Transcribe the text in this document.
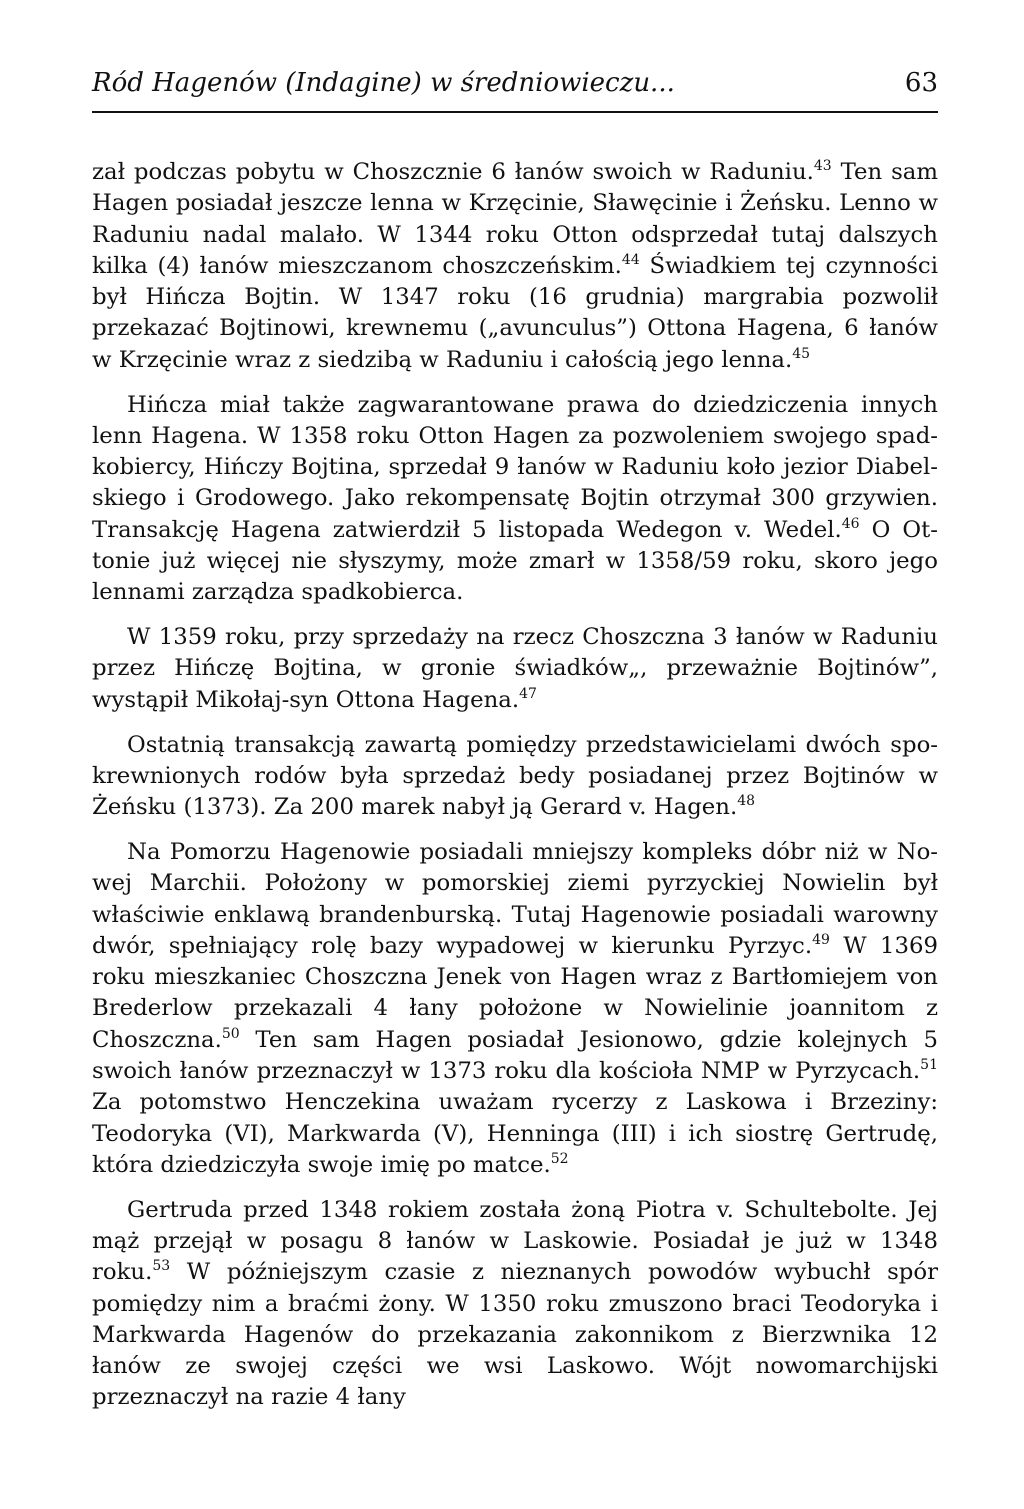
Ród Hagenów (Indagine) w średniowieczu...	63

zał podczas pobytu w Choszcznie 6 łanów swoich w Raduniu.$^{43}$ Ten sam Hagen posiadał jeszcze lenna w Krzęcinie, Sławęcinie i Żeńsku. Lenno w Raduniu nadal malało. W 1344 roku Otton odsprzedał tutaj dalszych kilka (4) łanów mieszczanom choszczeńskim.$^{44}$ Świadkiem tej czynności był Hińcza Bojtin. W 1347 roku (16 grudnia) margrabia pozwolił przekazać Bojtinowi, krewnemu („avunculus”) Ottona Hagena, 6 łanów w Krzęcinie wraz z siedzibą w Raduniu i całością jego lenna.$^{45}$

Hińcza miał także zagwarantowane prawa do dziedziczenia innych lenn Hagena. W 1358 roku Otton Hagen za pozwoleniem swojego spadkobiercy, Hińczy Bojtina, sprzedał 9 łanów w Raduniu koło jezior Diabelskiego i Grodowego. Jako rekompensatę Bojtin otrzymał 300 grzywien. Transakcję Hagena zatwierdził 5 listopada Wedegon v. Wedel.$^{46}$ O Ottonie już więcej nie słyszymy, może zmarł w 1358/59 roku, skoro jego lennami zarządza spadkobierca.

W 1359 roku, przy sprzedaży na rzecz Choszczna 3 łanów w Raduniu przez Hińczę Bojtina, w gronie świadków„, przeważnie Bojtinów”, wystąpił Mikołaj-syn Ottona Hagena.$^{47}$

Ostatnią transakcją zawartą pomiędzy przedstawicielami dwóch spokrewnionych rodów była sprzedaż bedy posiadanej przez Bojtinów w Żeńsku (1373). Za 200 marek nabył ją Gerard v. Hagen.$^{48}$

Na Pomorzu Hagenowie posiadali mniejszy kompleks dóbr niż w Nowej Marchii. Położony w pomorskiej ziemi pyrzyckiej Nowielin był właściwie enklawą brandenburską. Tutaj Hagenowie posiadali warowny dwór, spełniający rolę bazy wypadowej w kierunku Pyrzyc.$^{49}$ W 1369 roku mieszkaniec Choszczna Jenek von Hagen wraz z Bartłomiejem von Brederlow przekazali 4 łany położone w Nowielinie joannitom z Choszczna.$^{50}$ Ten sam Hagen posiadał Jesionowo, gdzie kolejnych 5 swoich łanów przeznaczył w 1373 roku dla kościoła NMP w Pyrzycach.$^{51}$ Za potomstwo Henczekina uważam rycerzy z Laskowa i Brzeziny: Teodoryka (VI), Markwarda (V), Henninga (III) i ich siostrę Gertrudę, która dziedziczyła swoje imię po matce.$^{52}$

Gertruda przed 1348 rokiem została żoną Piotra v. Schultebolte. Jej mąż przejął w posagu 8 łanów w Laskowie. Posiadał je już w 1348 roku.$^{53}$ W późniejszym czasie z nieznanych powodów wybuchł spór pomiędzy nim a braćmi żony. W 1350 roku zmuszono braci Teodoryka i Markwarda Hagenów do przekazania zakonnikom z Bierzwnika 12 łanów ze swojej części we wsi Laskowo. Wójt nowomarchijski przeznaczył na razie 4 łany
